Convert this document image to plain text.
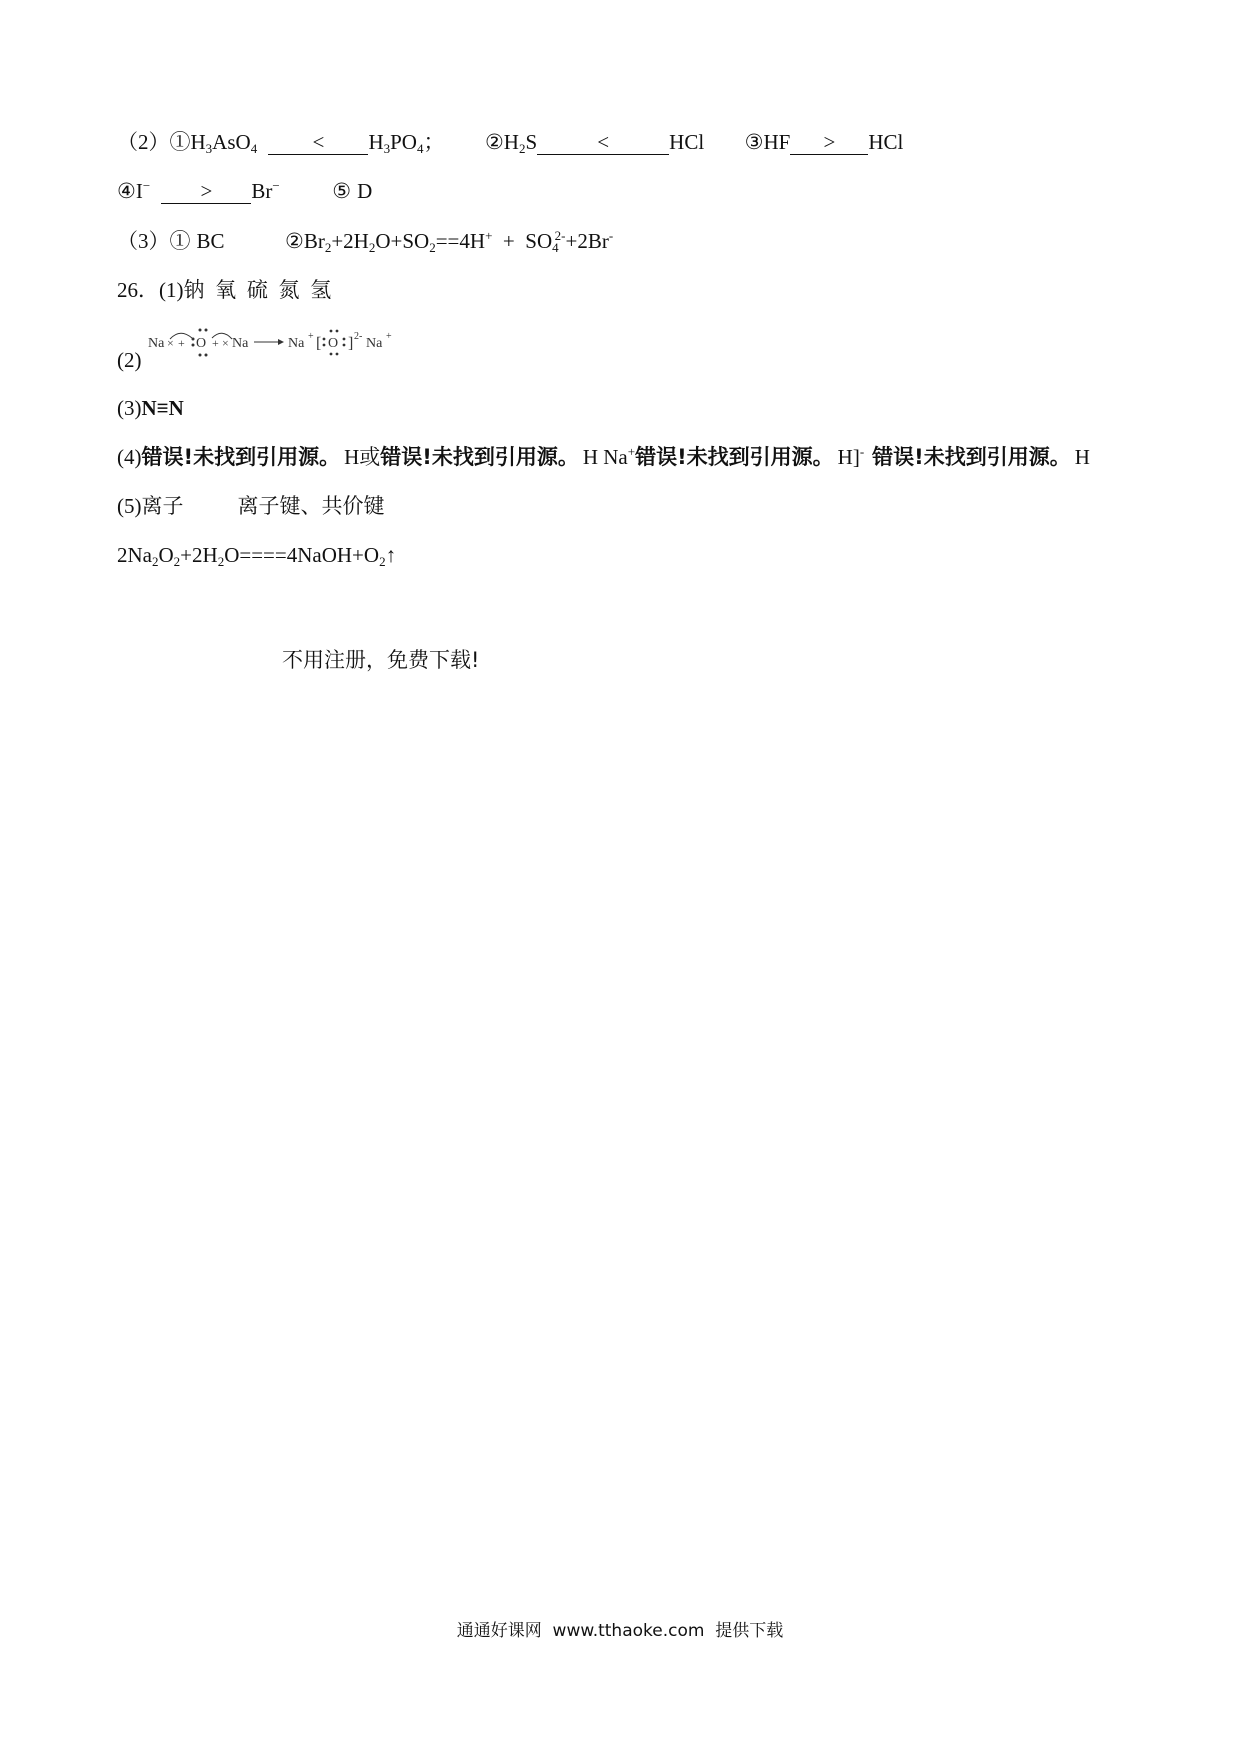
$(2)①H_3AsO_4$	< $H_3PO_4$； $②H_2S$	<	HCl ③HF > HCl
④I− > Br−	⑤ D
（3）① BC	$②Br_2+2H_2O+SO_2==4H^+ + SO_4^{2-}+2Br^-$
26．(1)钠 氧 硫 氮 氢
(2)
Na × + O + × Na	Na + [ O ] 2- Na +
(3)N≡N
(4)错误!未找到引用源。 H或错误!未找到引用源。 H Na+错误!未找到引用源。 H]- 错误!未找到引用源。 H
(5)离子	离子键、共价键
$2Na_2O_2+2H_2O====4NaOH+O_2↑$
不用注册，免费下载!
通通好课网  www.tthaoke.com  提供下载
